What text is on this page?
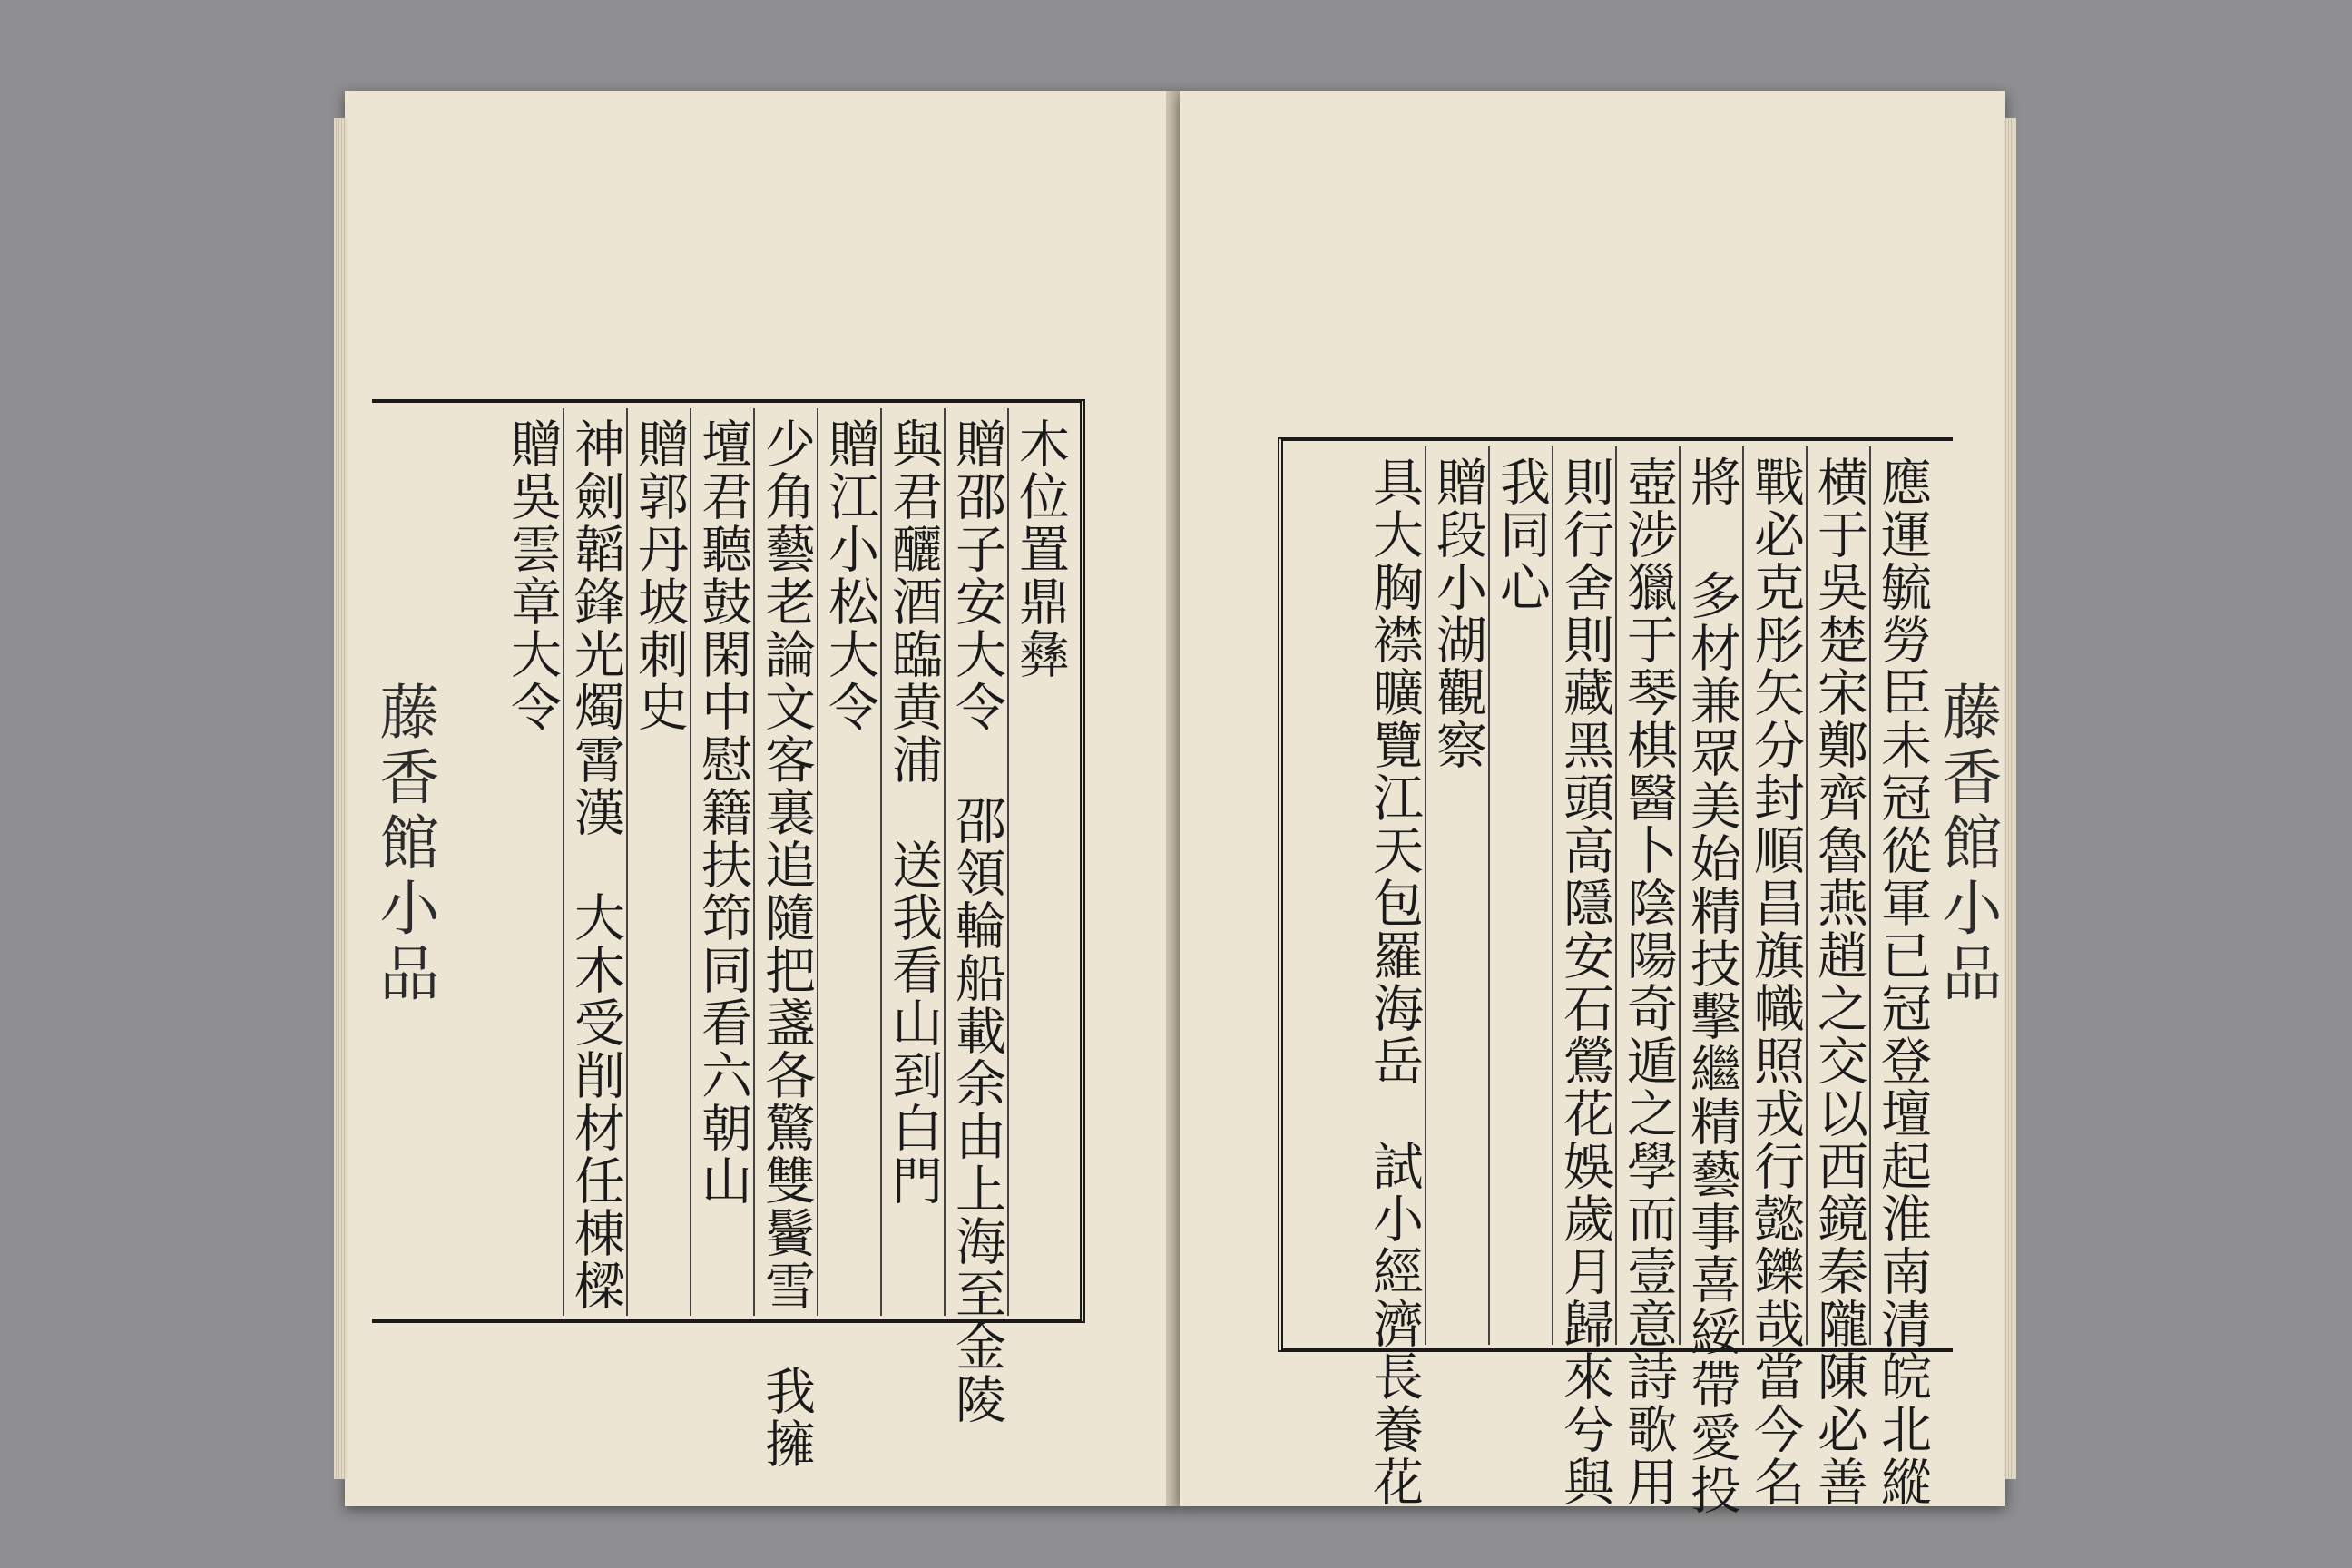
藤香館小品
木位置鼎彝
贈邵子安大令 邵領輪船載余由上海至金陵
與君釃酒臨黄浦　送我看山到白門
贈江小松大令
少角藝老論文客裏追隨把盞各驚雙鬢雪　我擁
壇君聽鼓閑中慰籍扶笻同看六朝山
贈郭丹坡刺史
神劍韜鋒光燭霄漢　大木受削材任棟樑
贈吳雲章大令
藤香館小品
應運毓勞臣未冠從軍已冠登壇起淮南清皖北縱
横于吳楚宋鄭齊魯燕趙之交以西鏡秦隴陳必善
戰必克彤矢分封順昌旗幟照戎行懿鑠哉當今名
將 多材兼眾美始精技擊繼精藝事喜綏帶愛投
壺涉獵于琴棋醫卜陰陽奇遁之學而壹意詩歌用
則行舍則藏黑頭高隱安石鶯花娛歲月歸來兮與
我同心
贈段小湖觀察
具大胸襟曠覽江天包羅海岳　試小經濟長養花
